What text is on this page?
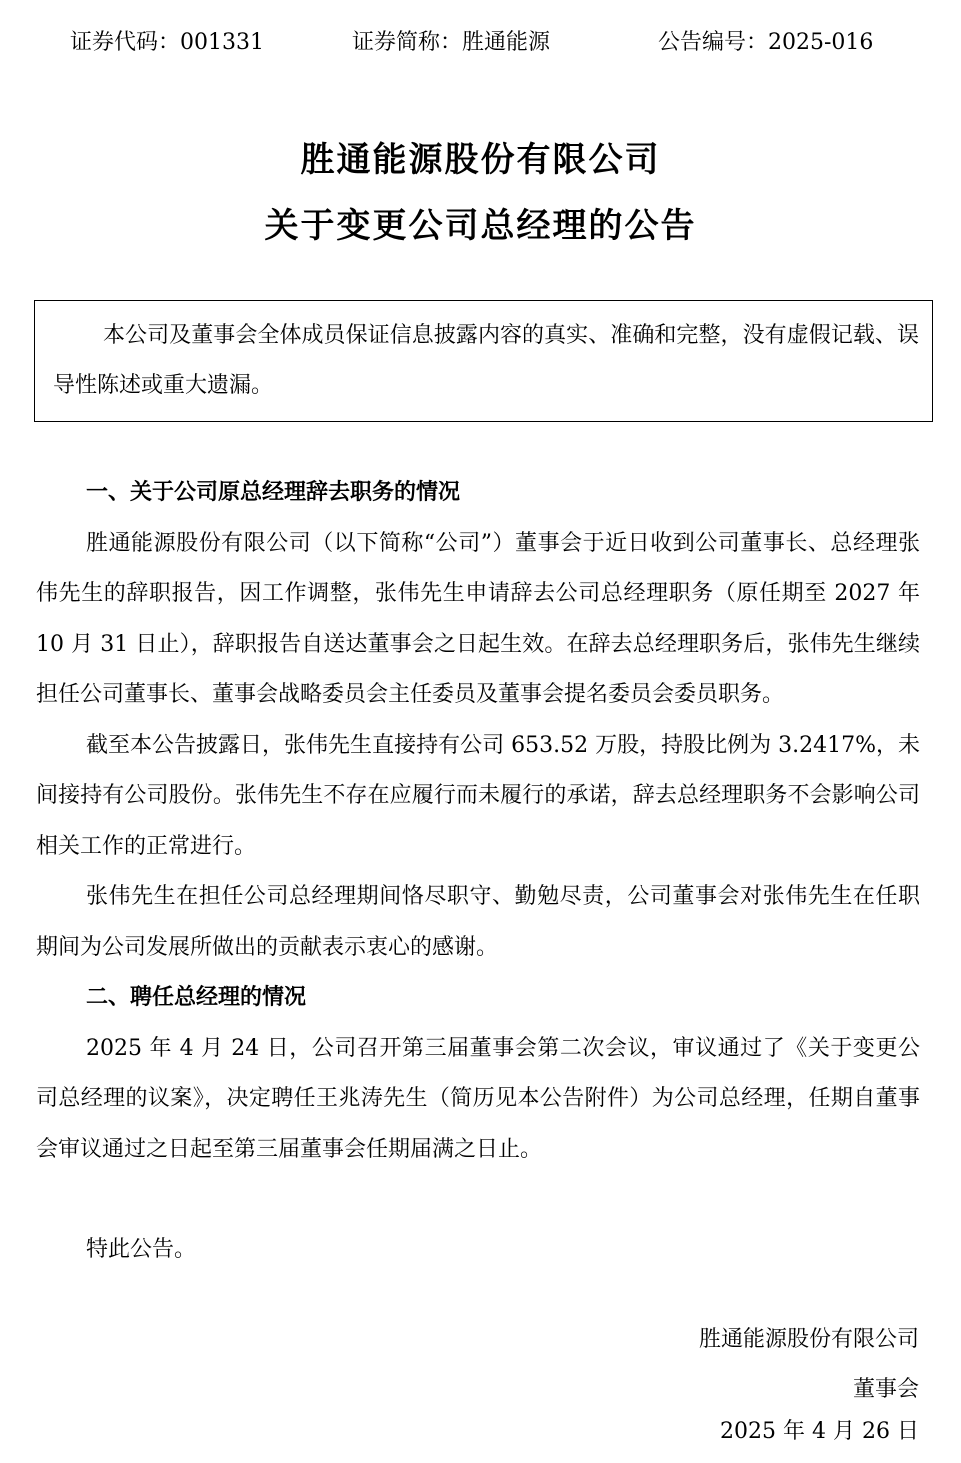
证券代码：001331	证券简称：胜通能源	公告编号：2025-016
胜通能源股份有限公司
关于变更公司总经理的公告
本公司及董事会全体成员保证信息披露内容的真实、准确和完整，没有虚假记载、误导性陈述或重大遗漏。

一、关于公司原总经理辞去职务的情况

胜通能源股份有限公司（以下简称“公司”）董事会于近日收到公司董事长、总经理张伟先生的辞职报告，因工作调整，张伟先生申请辞去公司总经理职务（原任期至 2027 年 10 月 31 日止），辞职报告自送达董事会之日起生效。在辞去总经理职务后，张伟先生继续担任公司董事长、董事会战略委员会主任委员及董事会提名委员会委员职务。

截至本公告披露日，张伟先生直接持有公司 653.52 万股，持股比例为 3.2417%，未间接持有公司股份。张伟先生不存在应履行而未履行的承诺，辞去总经理职务不会影响公司相关工作的正常进行。

张伟先生在担任公司总经理期间恪尽职守、勤勉尽责，公司董事会对张伟先生在任职期间为公司发展所做出的贡献表示衷心的感谢。

二、聘任总经理的情况

2025 年 4 月 24 日，公司召开第三届董事会第二次会议，审议通过了《关于变更公司总经理的议案》，决定聘任王兆涛先生（简历见本公告附件）为公司总经理，任期自董事会审议通过之日起至第三届董事会任期届满之日止。

特此公告。

胜通能源股份有限公司
董事会
2025 年 4 月 26 日
